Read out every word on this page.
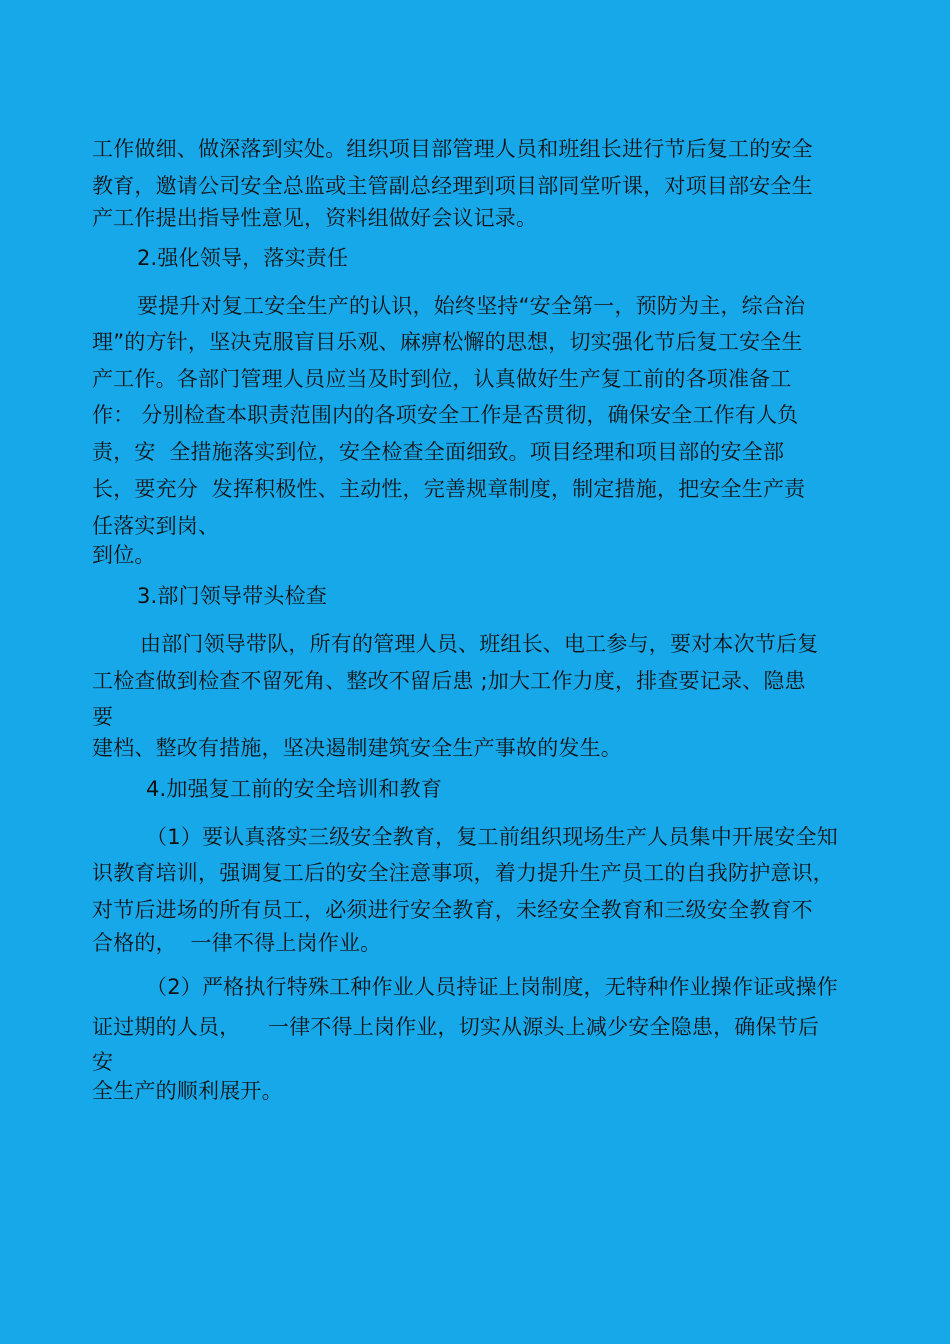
工作做细、做深落到实处。组织项目部管理人员和班组长进行节后复工的安全
教育，邀请公司安全总监或主管副总经理到项目部同堂听课，对项目部安全生
产工作提出指导性意见，资料组做好会议记录。
2.强化领导，落实责任
要提升对复工安全生产的认识，始终坚持“安全第一，预防为主，综合治
理”的方针，坚决克服盲目乐观、麻痹松懈的思想，切实强化节后复工安全生
产工作。各部门管理人员应当及时到位，认真做好生产复工前的各项准备工
作： 分别检查本职责范围内的各项安全工作是否贯彻，确保安全工作有人负
责，安  全措施落实到位，安全检查全面细致。项目经理和项目部的安全部
长，要充分  发挥积极性、主动性，完善规章制度，制定措施，把安全生产责
任落实到岗、
到位。
3.部门领导带头检查
由部门领导带队，所有的管理人员、班组长、电工参与，要对本次节后复
工检查做到检查不留死角、整改不留后患 ;加大工作力度，排查要记录、隐患
要
建档、整改有措施，坚决遏制建筑安全生产事故的发生。
4.加强复工前的安全培训和教育
（1）要认真落实三级安全教育，复工前组织现场生产人员集中开展安全知
识教育培训，强调复工后的安全注意事项，着力提升生产员工的自我防护意识，
对节后进场的所有员工，必须进行安全教育，未经安全教育和三级安全教育不
合格的，  一律不得上岗作业。
（2）严格执行特殊工种作业人员持证上岗制度，无特种作业操作证或操作
证过期的人员，    一律不得上岗作业，切实从源头上减少安全隐患，确保节后
安
全生产的顺利展开。
